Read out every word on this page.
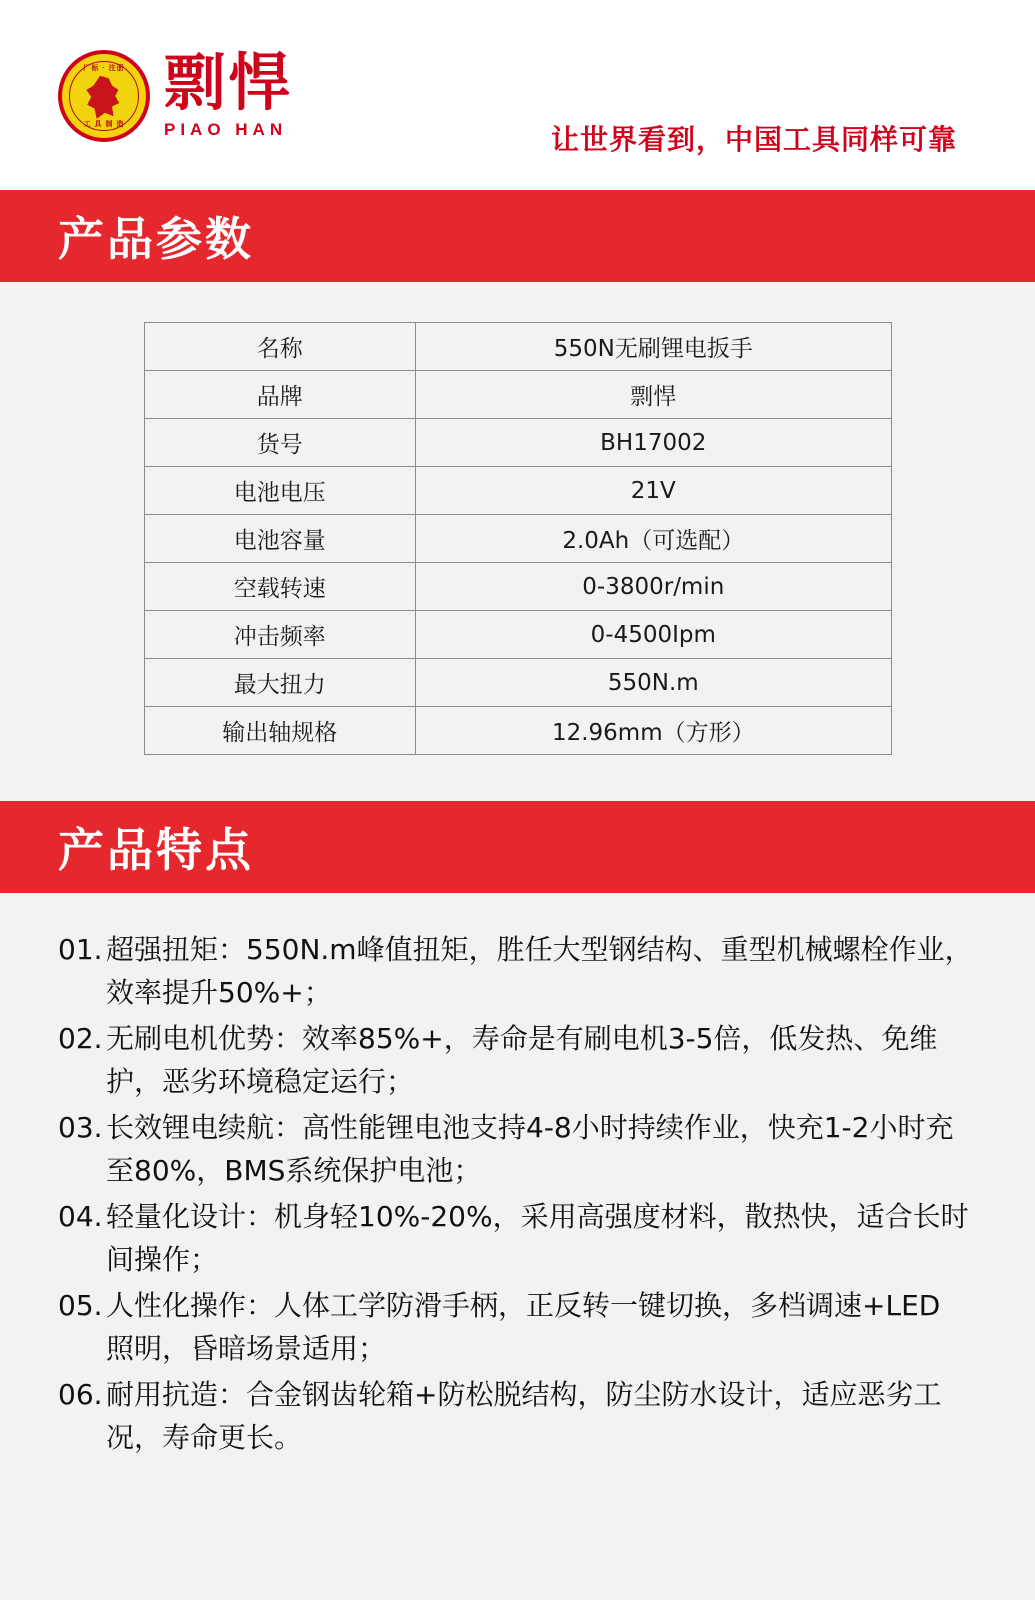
厂标 · 注册
工 具 制 造
剽悍
PIAO HAN	让世界看到，中国工具同样可靠
产品参数
名称	550N无刷锂电扳手
品牌	剽悍
货号	BH17002
电池电压	21V
电池容量	2.0Ah（可选配）
空载转速	0-3800r/min
冲击频率	0-4500Ipm
最大扭力	550N.m
输出轴规格	12.96mm（方形）
产品特点
01. 超强扭矩：550N.m峰值扭矩，胜任大型钢结构、重型机械螺栓作业，效率提升50%+；
02. 无刷电机优势：效率85%+，寿命是有刷电机3-5倍，低发热、免维护，恶劣环境稳定运行；
03. 长效锂电续航：高性能锂电池支持4-8小时持续作业，快充1-2小时充至80%，BMS系统保护电池；
04. 轻量化设计：机身轻10%-20%，采用高强度材料，散热快，适合长时间操作；
05. 人性化操作：人体工学防滑手柄，正反转一键切换，多档调速+LED 照明，昏暗场景适用；
06. 耐用抗造：合金钢齿轮箱+防松脱结构，防尘防水设计，适应恶劣工况，寿命更长。
